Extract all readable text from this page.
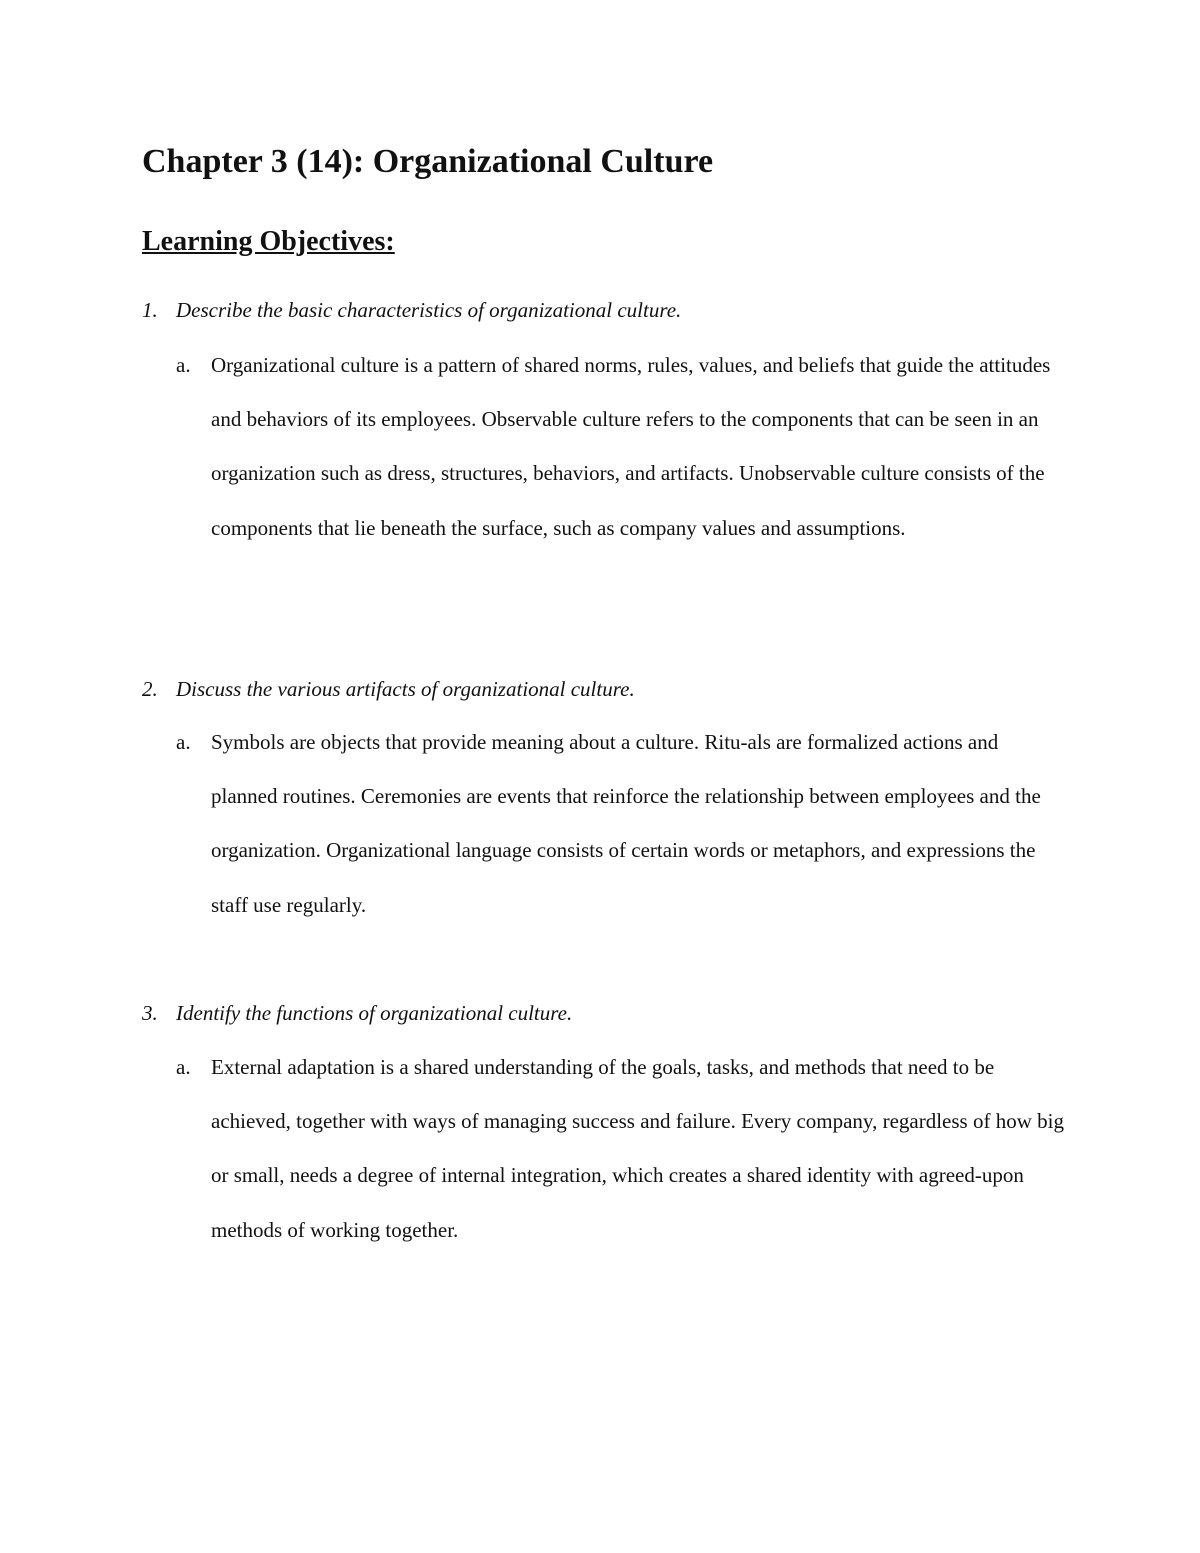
Chapter 3 (14): Organizational Culture
Learning Objectives:

1. Describe the basic characteristics of organizational culture.

a. Organizational culture is a pattern of shared norms, rules, values, and beliefs that guide the attitudes and behaviors of its employees. Observable culture refers to the components that can be seen in an organization such as dress, structures, behaviors, and artifacts. Unobservable culture consists of the components that lie beneath the surface, such as company values and assumptions.

2. Discuss the various artifacts of organizational culture.

a. Symbols are objects that provide meaning about a culture. Ritu-als are formalized actions and planned routines. Ceremonies are events that reinforce the relationship between employees and the organization. Organizational language consists of certain words or metaphors, and expressions the staff use regularly.

3. Identify the functions of organizational culture.

a. External adaptation is a shared understanding of the goals, tasks, and methods that need to be achieved, together with ways of managing success and failure. Every company, regardless of how big or small, needs a degree of internal integration, which creates a shared identity with agreed-upon methods of working together.
